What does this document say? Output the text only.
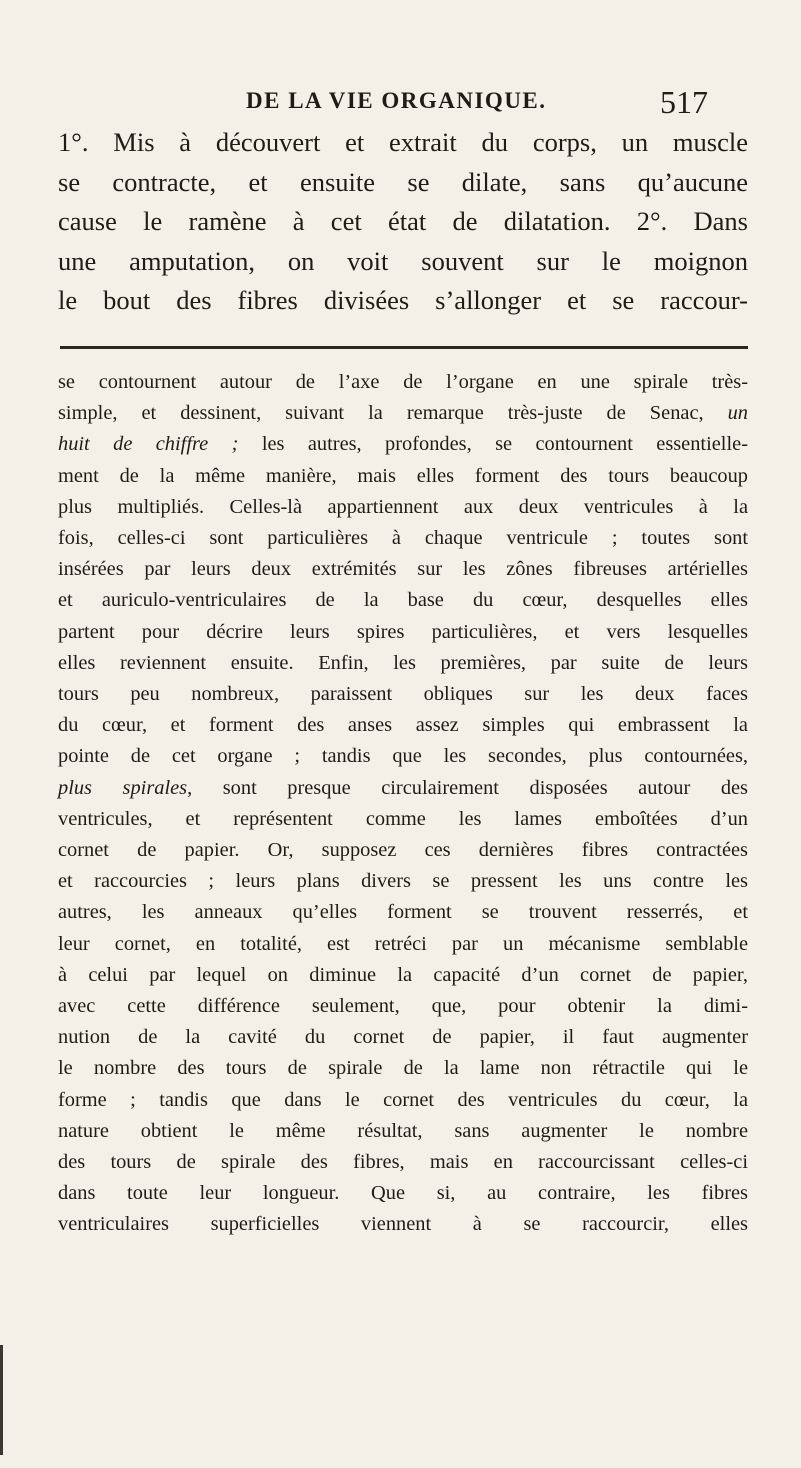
DE LA VIE ORGANIQUE.	517
1°. Mis à découvert et extrait du corps, un muscle
se contracte, et ensuite se dilate, sans qu’aucune
cause le ramène à cet état de dilatation. 2°. Dans
une amputation, on voit souvent sur le moignon
le bout des fibres divisées s’allonger et se raccour-
se contournent autour de l’axe de l’organe en une spirale très-
simple, et dessinent, suivant la remarque très-juste de Senac, un
huit de chiffre ; les autres, profondes, se contournent essentielle-
ment de la même manière, mais elles forment des tours beaucoup
plus multipliés. Celles-là appartiennent aux deux ventricules à la
fois, celles-ci sont particulières à chaque ventricule ; toutes sont
insérées par leurs deux extrémités sur les zônes fibreuses artérielles
et auriculo-ventriculaires de la base du cœur, desquelles elles
partent pour décrire leurs spires particulières, et vers lesquelles
elles reviennent ensuite. Enfin, les premières, par suite de leurs
tours peu nombreux, paraissent obliques sur les deux faces
du cœur, et forment des anses assez simples qui embrassent la
pointe de cet organe ; tandis que les secondes, plus contournées,
plus spirales, sont presque circulairement disposées autour des
ventricules, et représentent comme les lames emboîtées d’un
cornet de papier. Or, supposez ces dernières fibres contractées
et raccourcies ; leurs plans divers se pressent les uns contre les
autres, les anneaux qu’elles forment se trouvent resserrés, et
leur cornet, en totalité, est retréci par un mécanisme semblable
à celui par lequel on diminue la capacité d’un cornet de papier,
avec cette différence seulement, que, pour obtenir la dimi-
nution de la cavité du cornet de papier, il faut augmenter
le nombre des tours de spirale de la lame non rétractile qui le
forme ; tandis que dans le cornet des ventricules du cœur, la
nature obtient le même résultat, sans augmenter le nombre
des tours de spirale des fibres, mais en raccourcissant celles-ci
dans toute leur longueur. Que si, au contraire, les fibres
ventriculaires superficielles viennent à se raccourcir, elles
